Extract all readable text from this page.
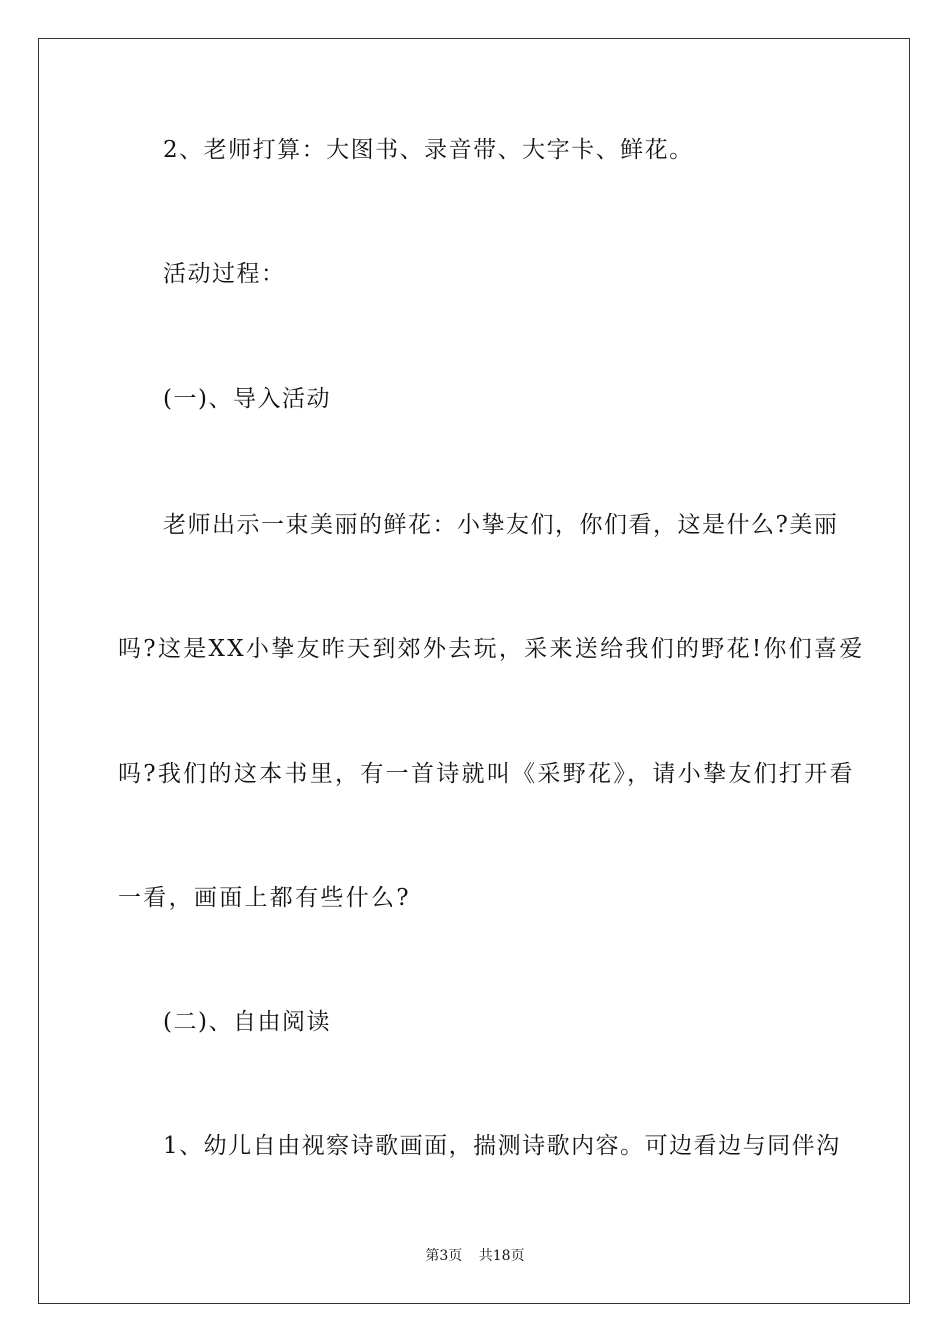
2、老师打算：大图书、录音带、大字卡、鲜花。

活动过程：

(一)、导入活动

老师出示一束美丽的鲜花：小挚友们，你们看，这是什么?美丽

吗?这是XX小挚友昨天到郊外去玩，采来送给我们的野花!你们喜爱

吗?我们的这本书里，有一首诗就叫《采野花》，请小挚友们打开看

一看，画面上都有些什么?

(二)、自由阅读

1、幼儿自由视察诗歌画面，揣测诗歌内容。可边看边与同伴沟

第3页 共18页
